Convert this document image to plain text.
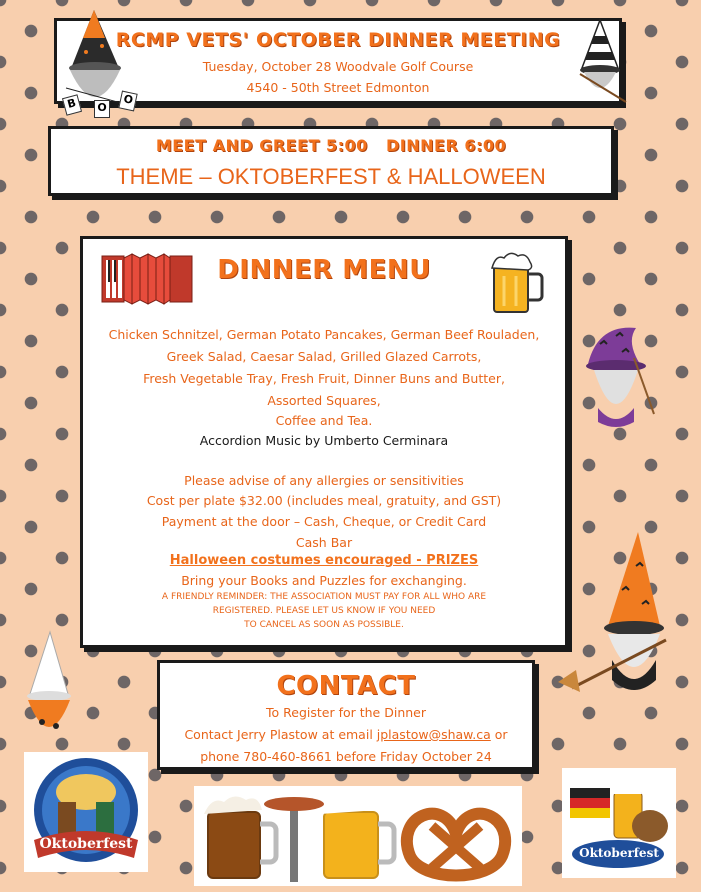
RCMP VETS' OCTOBER DINNER MEETING
Tuesday, October 28 Woodvale Golf Course
4540 - 50th Street Edmonton
B	O
O
MEET AND GREET 5:00   DINNER 6:00
THEME – OKTOBERFEST & HALLOWEEN
DINNER MENU
Chicken Schnitzel, German Potato Pancakes, German Beef Rouladen,
Greek Salad, Caesar Salad, Grilled Glazed Carrots,
Fresh Vegetable Tray, Fresh Fruit, Dinner Buns and Butter,
Assorted Squares,
Coffee and Tea.
Accordion Music by Umberto Cerminara
Please advise of any allergies or sensitivities
Cost per plate $32.00 (includes meal, gratuity, and GST)
Payment at the door – Cash, Cheque, or Credit Card
Cash Bar
Halloween costumes encouraged - PRIZES
Bring your Books and Puzzles for exchanging.
A FRIENDLY REMINDER: THE ASSOCIATION MUST PAY FOR ALL WHO ARE
REGISTERED. PLEASE LET US KNOW IF YOU NEED
TO CANCEL AS SOON AS POSSIBLE.
CONTACT
To Register for the Dinner
Contact Jerry Plastow at email jplastow@shaw.ca or
phone 780-460-8661 before Friday October 24
Oktoberfest
Oktoberfest
